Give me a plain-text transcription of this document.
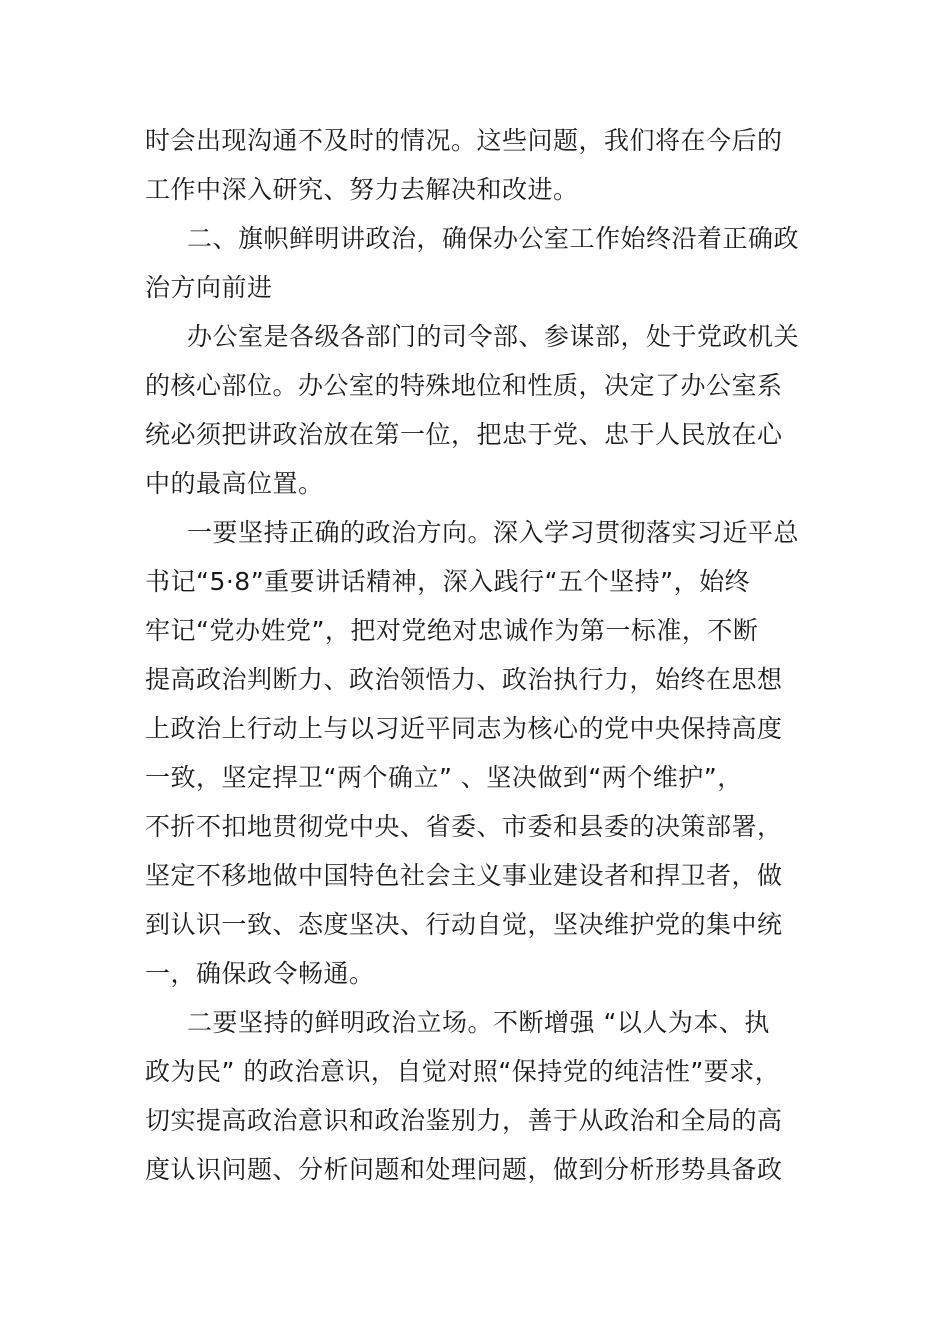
时会出现沟通不及时的情况。这些问题，我们将在今后的
工作中深入研究、努力去解决和改进。
二、旗帜鲜明讲政治，确保办公室工作始终沿着正确政
治方向前进
办公室是各级各部门的司令部、参谋部，处于党政机关
的核心部位。办公室的特殊地位和性质，决定了办公室系
统必须把讲政治放在第一位，把忠于党、忠于人民放在心
中的最高位置。
一要坚持正确的政治方向。深入学习贯彻落实习近平总
书记“5·8”重要讲话精神，深入践行“五个坚持”，始终
牢记“党办姓党”，把对党绝对忠诚作为第一标准，不断
提高政治判断力、政治领悟力、政治执行力，始终在思想
上政治上行动上与以习近平同志为核心的党中央保持高度
一致，坚定捍卫“两个确立” 、坚决做到“两个维护”，
不折不扣地贯彻党中央、省委、市委和县委的决策部署，
坚定不移地做中国特色社会主义事业建设者和捍卫者，做
到认识一致、态度坚决、行动自觉，坚决维护党的集中统
一，确保政令畅通。
二要坚持的鲜明政治立场。不断增强 “以人为本、执
政为民” 的政治意识，自觉对照“保持党的纯洁性”要求，
切实提高政治意识和政治鉴别力，善于从政治和全局的高
度认识问题、分析问题和处理问题，做到分析形势具备政
